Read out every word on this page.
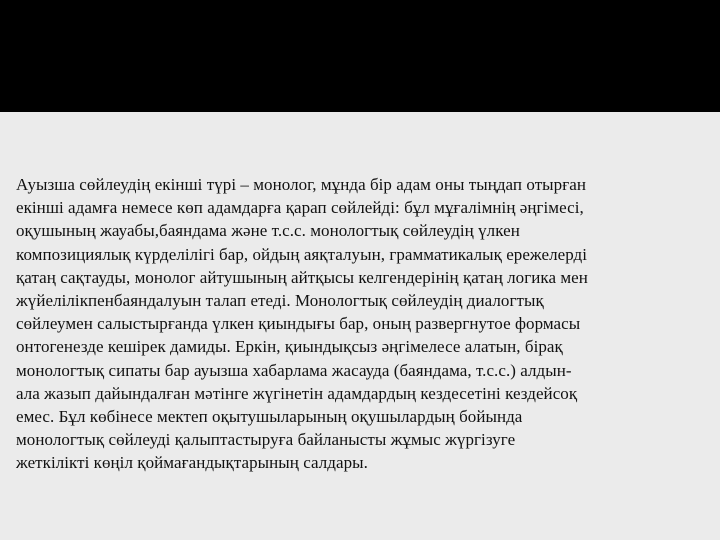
Ауызша сөйлеудің екінші түрі – монолог, мұнда бір адам оны тыңдап отырған
екінші адамға немесе көп адамдарға қарап сөйлейді: бұл мұғалімнің әңгімесі,
оқушының жауабы,баяндама және т.с.с. монологтық сөйлеудің үлкен
композициялық күрделілігі бар, ойдың аяқталуын, грамматикалық ережелерді
қатаң сақтауды, монолог айтушының айтқысы келгендерінің қатаң логика мен
жүйелілікпенбаяндалуын талап етеді. Монологтық сөйлеудің диалогтық
сөйлеумен салыстырғанда үлкен қиындығы бар, оның развергнутое формасы
онтогенезде кешірек дамиды. Еркін, қиындықсыз әңгімелесе алатын, бірақ
монологтық сипаты бар ауызша хабарлама жасауда (баяндама, т.с.с.) алдын-
ала жазып дайындалған мәтінге жүгінетін адамдардың кездесетіні кездейсоқ
емес. Бұл көбінесе мектеп оқытушыларының оқушылардың бойында
монологтық сөйлеуді қалыптастыруға байланысты жұмыс жүргізуге
жеткілікті көңіл қоймағандықтарының салдары.
